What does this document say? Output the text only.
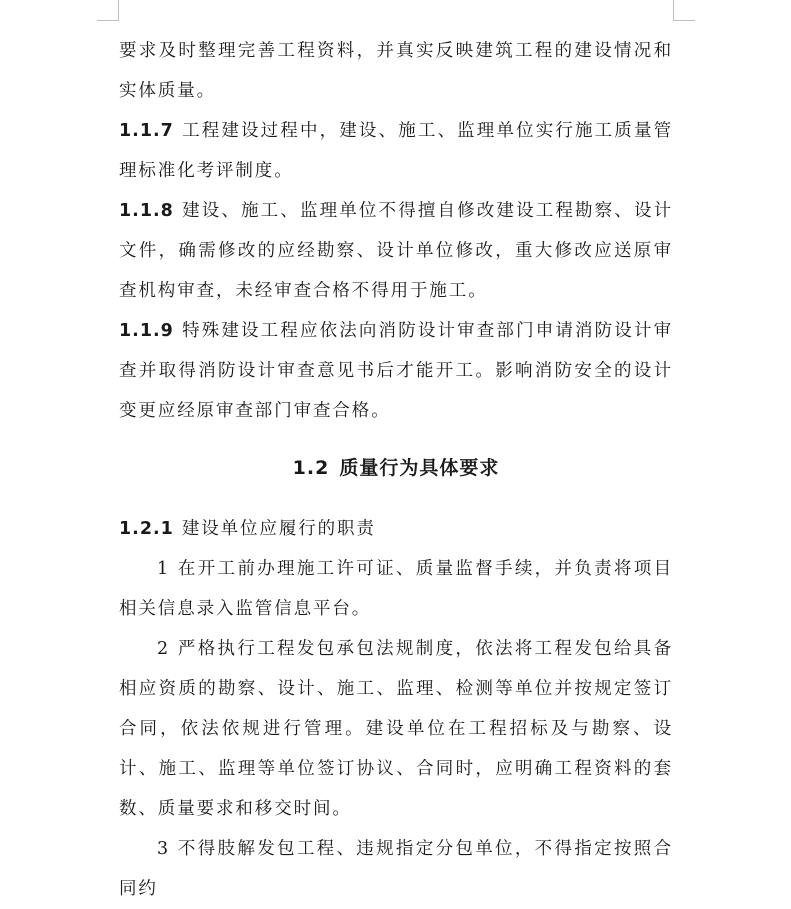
要求及时整理完善工程资料，并真实反映建筑工程的建设情况和实体质量。

1.1.7 工程建设过程中，建设、施工、监理单位实行施工质量管理标准化考评制度。

1.1.8 建设、施工、监理单位不得擅自修改建设工程勘察、设计文件，确需修改的应经勘察、设计单位修改，重大修改应送原审查机构审查，未经审查合格不得用于施工。

1.1.9 特殊建设工程应依法向消防设计审查部门申请消防设计审查并取得消防设计审查意见书后才能开工。影响消防安全的设计变更应经原审查部门审查合格。

1.2 质量行为具体要求

1.2.1 建设单位应履行的职责

1 在开工前办理施工许可证、质量监督手续，并负责将项目相关信息录入监管信息平台。

2 严格执行工程发包承包法规制度，依法将工程发包给具备相应资质的勘察、设计、施工、监理、检测等单位并按规定签订合同，依法依规进行管理。建设单位在工程招标及与勘察、设计、施工、监理等单位签订协议、合同时，应明确工程资料的套数、质量要求和移交时间。

3 不得肢解发包工程、违规指定分包单位，不得指定按照合同约
